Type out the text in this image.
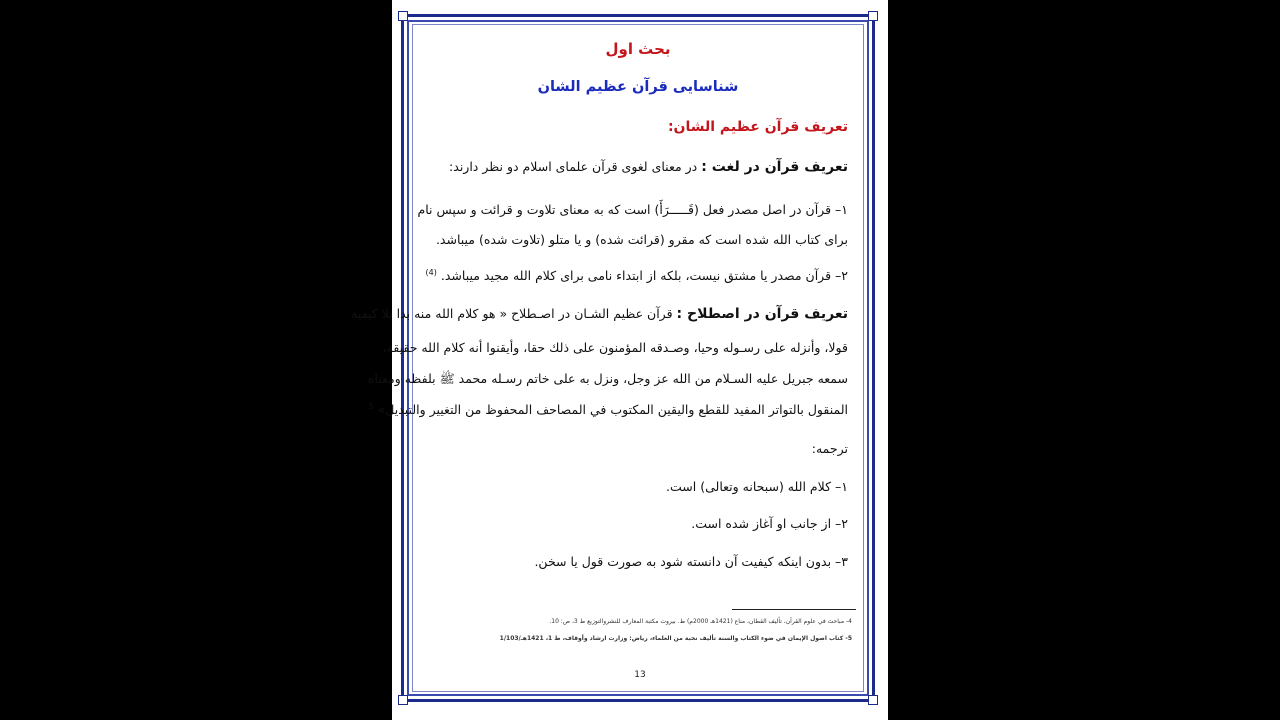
بحث اول
شناسایی قرآن عظیم الشان
تعریف قرآن عظیم الشان:
تعریف قرآن در لغت : در معنای لغوی قرآن علمای اسلام دو نظر دارند:
۱– قرآن در اصل مصدر فعل (قَـــــرَأَ) است که به معنای تلاوت و قرائت و سپس نام
برای کتاب الله شده است که مقرو (قرائت شده) و یا متلو (تلاوت شده) میباشد.
۲– قرآن مصدر یا مشتق نیست، بلکه از ابتداء نامی برای کلام الله مجید میباشد. $^{(4)}$
تعریف قرآن در اصطلاح : قرآن عظیم الشـان در اصـطلاح « هو کلام الله منه بدا بلا کیفیة
قولا، وأنزله على رسـوله وحيا، وصـدقه المؤمنون على ذلك حقا، وأيقنوا أنه كلام الله حقيقة،
سمعه جبريل عليه السـلام من الله عز وجل، ونزل به على خاتم رسـله محمد ﷺ بلفظه ومعناه
المنقول بالتواتر المفيد للقطع واليقين المكتوب في المصاحف المحفوظ من التغيير والتبديل» $^5$
ترجمه:
۱– کلام الله (سبحانه وتعالی) است.
۲– از جانب او آغاز شده است.
۳– بدون اینکه کیفیت آن دانسته شود به صورت قول یا سخن.
4- مباحث في علوم القرآن، تأليف القطان، مناع (1421هـ 2000م) ط. بيروت مكتبة المعارف للنشروالتوزيع ط 3، ص: 10.
5- كتاب اصول الإيمان في ضوء الكتاب والسنة تأليف نخبة من العلماء، رياض: وزارت ارشاد وأوقاف، ط 1، 1421هـ/1/103
13
